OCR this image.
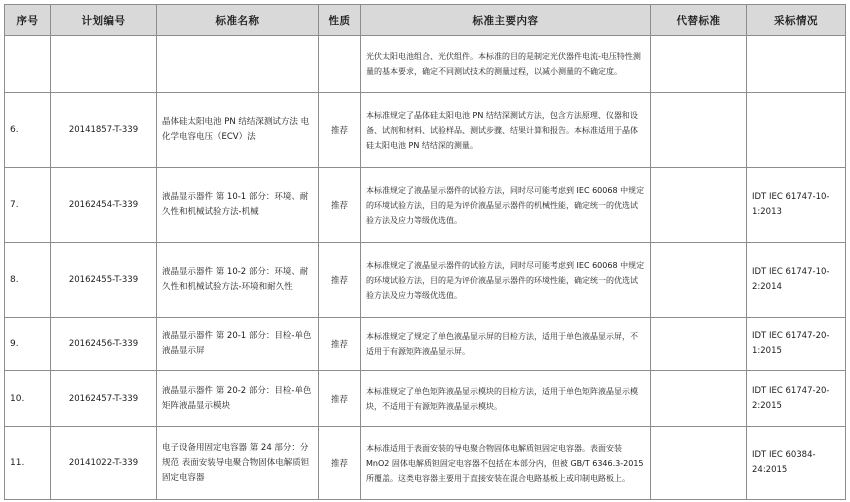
序号	计划编号	标准名称	性质	标准主要内容	代替标准	采标情况
				光伏太阳电池组合、光伏组件。本标准的目的是制定光伏器件电流-电压特性测量的基本要求，确定不同测试技术的测量过程，以减小测量的不确定度。		
6.	20141857-T-339	晶体硅太阳电池 PN 结结深测试方法 电化学电容电压（ECV）法	推荐	本标准规定了晶体硅太阳电池 PN 结结深测试方法，包含方法原理、仪器和设备、试剂和材料、试验样品、测试步骤、结果计算和报告。本标准适用于晶体硅太阳电池 PN 结结深的测量。		
7.	20162454-T-339	液晶显示器件 第 10-1 部分：环境、耐久性和机械试验方法-机械	推荐	本标准规定了液晶显示器件的试验方法，同时尽可能考虑到 IEC 60068 中规定的环境试验方法，目的是为评价液晶显示器件的机械性能，确定统一的优选试验方法及应力等级优选值。		IDT IEC 61747-10-1:2013
8.	20162455-T-339	液晶显示器件 第 10-2 部分：环境、耐久性和机械试验方法-环境和耐久性	推荐	本标准规定了液晶显示器件的试验方法，同时尽可能考虑到 IEC 60068 中规定的环境试验方法，目的是为评价液晶显示器件的环境性能，确定统一的优选试验方法及应力等级优选值。		IDT IEC 61747-10-2:2014
9.	20162456-T-339	液晶显示器件 第 20-1 部分：目检-单色液晶显示屏	推荐	本标准规定了规定了单色液晶显示屏的目检方法，适用于单色液晶显示屏，不适用于有源矩阵液晶显示屏。		IDT IEC 61747-20-1:2015
10.	20162457-T-339	液晶显示器件 第 20-2 部分：目检-单色矩阵液晶显示模块	推荐	本标准规定了单色矩阵液晶显示模块的目检方法，适用于单色矩阵液晶显示模块，不适用于有源矩阵液晶显示模块。		IDT IEC 61747-20-2:2015
11.	20141022-T-339	电子设备用固定电容器 第 24 部分：分规范 表面安装导电聚合物固体电解质钽固定电容器	推荐	本标准适用于表面安装的导电聚合物固体电解质钽固定电容器。表面安装 MnO2 固体电解质钽固定电容器不包括在本部分内，但被 GB/T 6346.3-2015 所覆盖。这类电容器主要用于直接安装在混合电路基板上或印制电路板上。		IDT IEC 60384-24:2015
